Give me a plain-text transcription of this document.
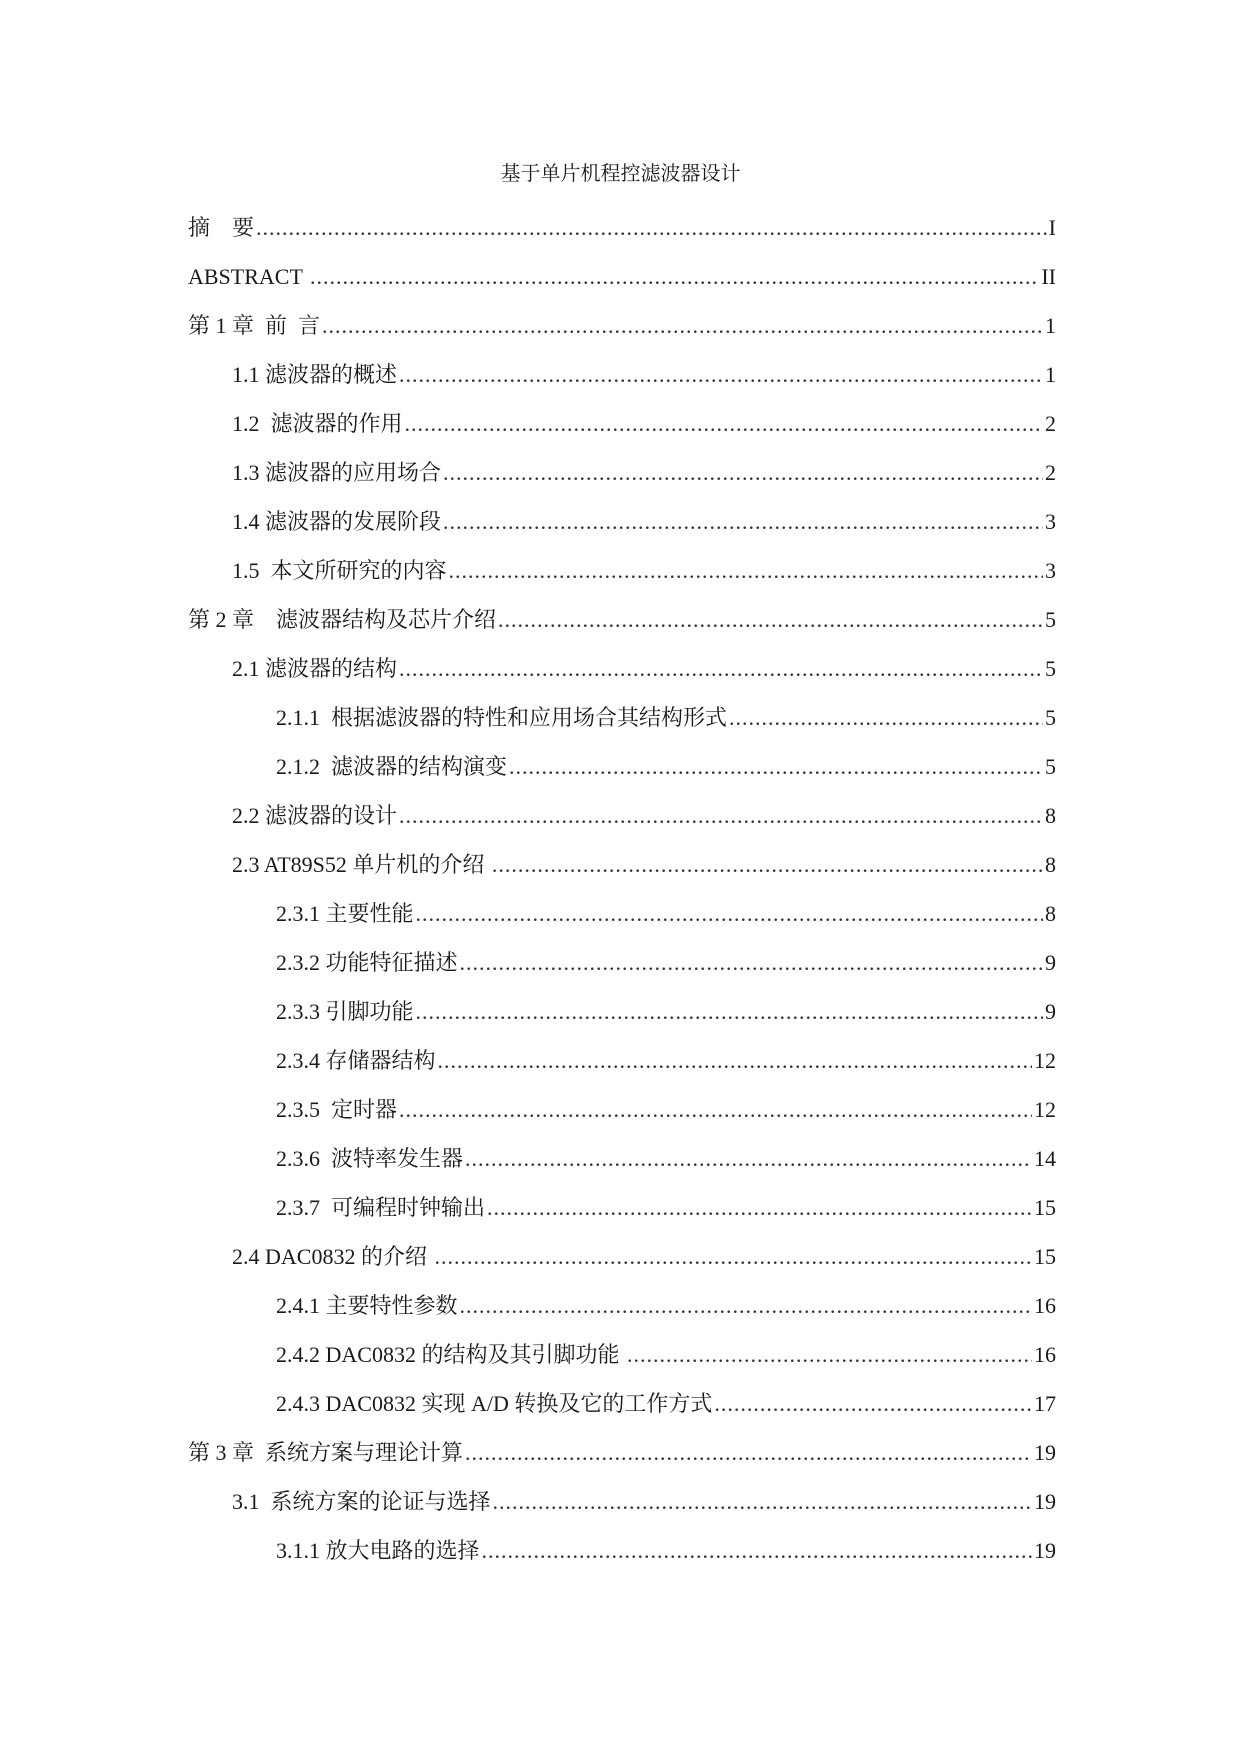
基于单片机程控滤波器设计
摘    要 .....	I
ABSTRACT .....	II
第 1 章  前  言 .....	1
1.1 滤波器的概述 .....	1
1.2  滤波器的作用 .....	2
1.3 滤波器的应用场合 .....	2
1.4 滤波器的发展阶段 .....	3
1.5  本文所研究的内容 .....	3
第 2 章    滤波器结构及芯片介绍 .....	5
2.1 滤波器的结构 .....	5
2.1.1  根据滤波器的特性和应用场合其结构形式 .....	5
2.1.2  滤波器的结构演变 .....	5
2.2 滤波器的设计 .....	8
2.3 AT89S52 单片机的介绍 .....	8
2.3.1 主要性能 .....	8
2.3.2 功能特征描述 .....	9
2.3.3 引脚功能 .....	9
2.3.4 存储器结构 .....	12
2.3.5  定时器 .....	12
2.3.6  波特率发生器 .....	14
2.3.7  可编程时钟输出 .....	15
2.4 DAC0832 的介绍 .....	15
2.4.1 主要特性参数 .....	16
2.4.2 DAC0832 的结构及其引脚功能 .....	16
2.4.3 DAC0832 实现 A/D 转换及它的工作方式 .....	17
第 3 章  系统方案与理论计算 .....	19
3.1  系统方案的论证与选择 .....	19
3.1.1 放大电路的选择 .....	19
